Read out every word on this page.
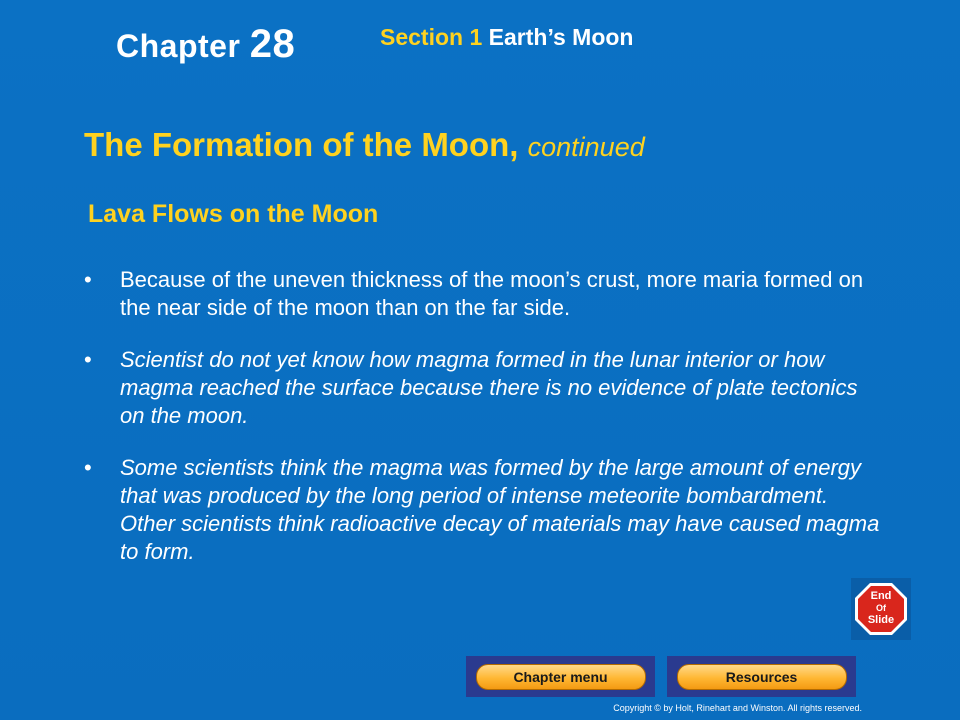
Chapter 28	Section 1 Earth’s Moon
The Formation of the Moon, continued
Lava Flows on the Moon
• Because of the uneven thickness of the moon’s crust, more maria formed on the near side of the moon than on the far side.
• Scientist do not yet know how magma formed in the lunar interior or how magma reached the surface because there is no evidence of plate tectonics on the moon.
• Some scientists think the magma was formed by the large amount of energy that was produced by the long period of intense meteorite bombardment. Other scientists think radioactive decay of materials may have caused magma to form.
End
Of
Slide
Chapter menu	Resources
Copyright © by Holt, Rinehart and Winston. All rights reserved.
